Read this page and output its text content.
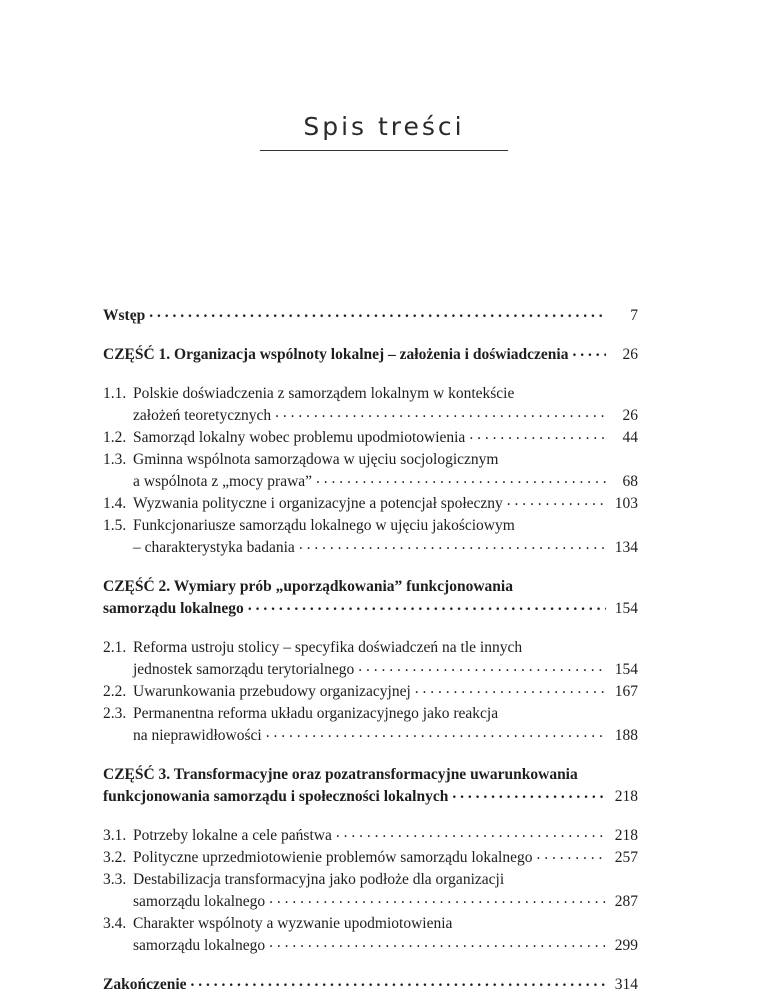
Spis treści
Wstęp . . .	7
CZĘŚĆ 1. Organizacja wspólnoty lokalnej – założenia i doświadczenia . . .	26
1.1. Polskie doświadczenia z samorządem lokalnym w kontekście
założeń teoretycznych . . .	26
1.2. Samorząd lokalny wobec problemu upodmiotowienia . . .	44
1.3. Gminna wspólnota samorządowa w ujęciu socjologicznym
a wspólnota z „mocy prawa” . . .	68
1.4. Wyzwania polityczne i organizacyjne a potencjał społeczny . . .	103
1.5. Funkcjonariusze samorządu lokalnego w ujęciu jakościowym
– charakterystyka badania . . .	134
CZĘŚĆ 2. Wymiary prób „uporządkowania” funkcjonowania
samorządu lokalnego . . .	154
2.1. Reforma ustroju stolicy – specyfika doświadczeń na tle innych
jednostek samorządu terytorialnego . . .	154
2.2. Uwarunkowania przebudowy organizacyjnej . . .	167
2.3. Permanentna reforma układu organizacyjnego jako reakcja
na nieprawidłowości . . .	188
CZĘŚĆ 3. Transformacyjne oraz pozatransformacyjne uwarunkowania
funkcjonowania samorządu i społeczności lokalnych . . .	218
3.1. Potrzeby lokalne a cele państwa . . .	218
3.2. Polityczne uprzedmiotowienie problemów samorządu lokalnego . . .	257
3.3. Destabilizacja transformacyjna jako podłoże dla organizacji
samorządu lokalnego . . .	287
3.4. Charakter wspólnoty a wyzwanie upodmiotowienia
samorządu lokalnego . . .	299
Zakończenie . . .	314
